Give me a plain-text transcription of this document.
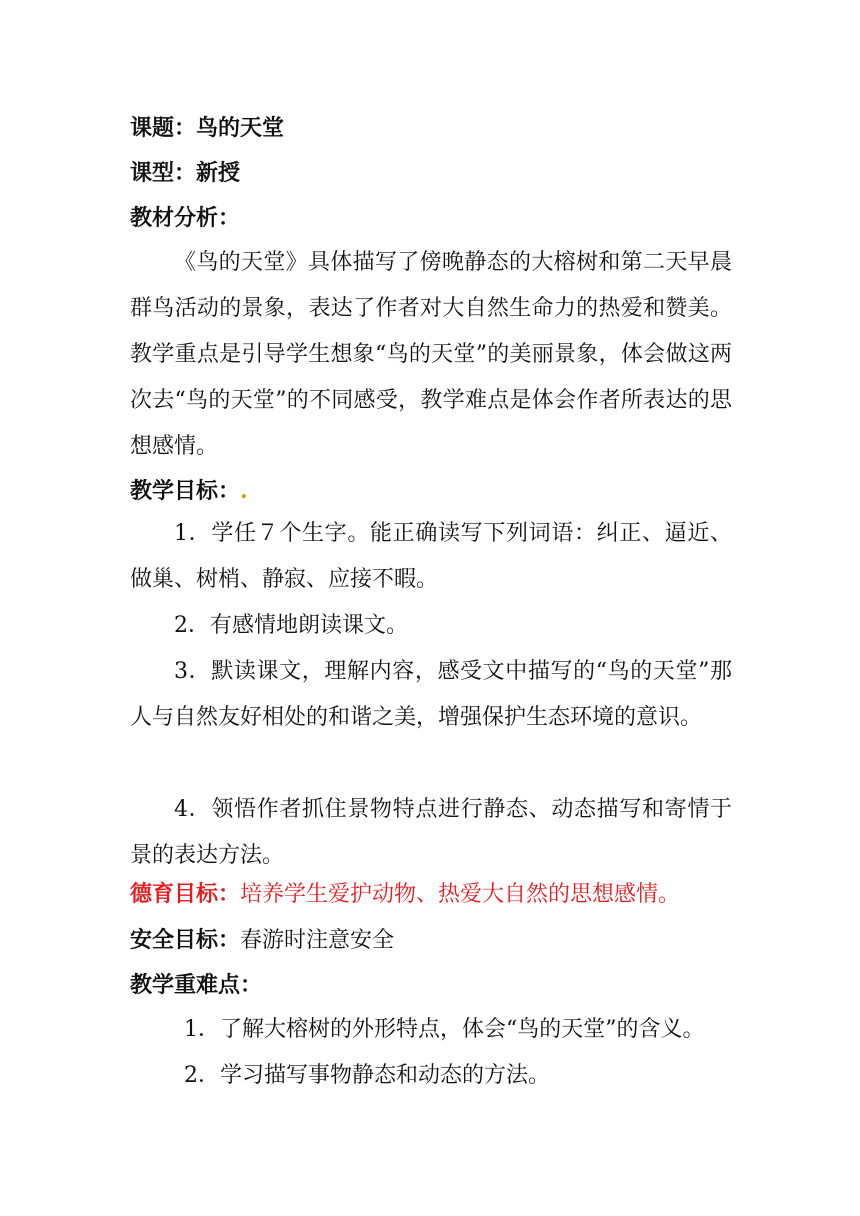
课题：鸟的天堂
课型：新授
教材分析：
《鸟的天堂》具体描写了傍晚静态的大榕树和第二天早晨群鸟活动的景象，表达了作者对大自然生命力的热爱和赞美。教学重点是引导学生想象“鸟的天堂”的美丽景象，体会做这两次去“鸟的天堂”的不同感受，教学难点是体会作者所表达的思想感情。
教学目标：.
1．学任７个生字。能正确读写下列词语：纠正、逼近、做巢、树梢、静寂、应接不暇。
2．有感情地朗读课文。
3．默读课文，理解内容，感受文中描写的“鸟的天堂”那人与自然友好相处的和谐之美，增强保护生态环境的意识。
4．领悟作者抓住景物特点进行静态、动态描写和寄情于景的表达方法。
德育目标：培养学生爱护动物、热爱大自然的思想感情。
安全目标：春游时注意安全
教学重难点：
1．了解大榕树的外形特点，体会“鸟的天堂”的含义。
2．学习描写事物静态和动态的方法。
